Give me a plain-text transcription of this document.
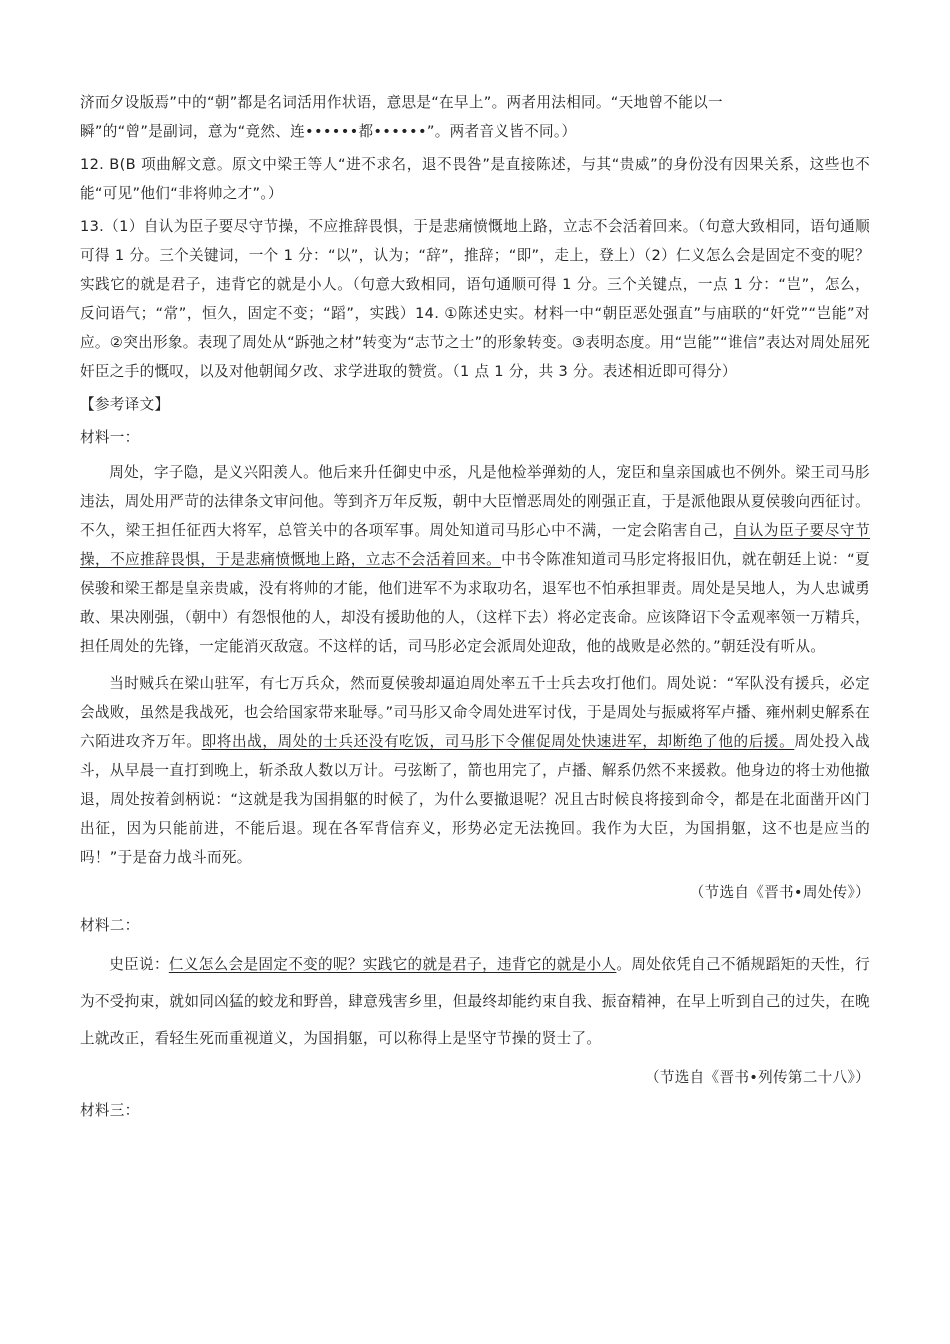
济而夕设版焉”中的“朝”都是名词活用作状语，意思是“在早上”。两者用法相同。“天地曾不能以一
瞬”的“曾”是副词，意为“竟然、连••••••都••••••”。两者音义皆不同。）

12. B(B 项曲解文意。原文中梁王等人“进不求名，退不畏咎”是直接陈述，与其“贵威”的身份没有因果关系，这些也不能“可见”他们“非将帅之才”。）

13.（1）自认为臣子要尽守节操，不应推辞畏惧，于是悲痛愤慨地上路，立志不会活着回来。（句意大致相同，语句通顺可得 1 分。三个关键词，一个 1 分：“以”，认为；“辞”，推辞；“即”，走上，登上）（2）仁义怎么会是固定不变的呢？实践它的就是君子，违背它的就是小人。（句意大致相同，语句通顺可得 1 分。三个关键点，一点 1 分：“岂”，怎么，反问语气；“常”，恒久，固定不变；“蹈”，实践）14. ①陈述史实。材料一中“朝臣恶处强直”与庙联的“奸党”“岂能”对应。②突出形象。表现了周处从“跅弛之材”转变为“志节之士”的形象转变。③表明态度。用“岂能”“谁信”表达对周处屈死奸臣之手的慨叹，以及对他朝闻夕改、求学进取的赞赏。（1 点 1 分，共 3 分。表述相近即可得分）

【参考译文】

材料一：

周处，字子隐，是义兴阳羡人。他后来升任御史中丞，凡是他检举弹劾的人，宠臣和皇亲国戚也不例外。梁王司马肜违法，周处用严苛的法律条文审问他。等到齐万年反叛，朝中大臣憎恶周处的刚强正直，于是派他跟从夏侯骏向西征讨。不久，梁王担任征西大将军，总管关中的各项军事。周处知道司马肜心中不满，一定会陷害自己，自认为臣子要尽守节操，不应推辞畏惧，于是悲痛愤慨地上路，立志不会活着回来。中书令陈准知道司马肜定将报旧仇，就在朝廷上说：“夏侯骏和梁王都是皇亲贵戚，没有将帅的才能，他们进军不为求取功名，退军也不怕承担罪责。周处是吴地人，为人忠诚勇敢、果决刚强，（朝中）有怨恨他的人，却没有援助他的人，（这样下去）将必定丧命。应该降诏下令孟观率领一万精兵，担任周处的先锋，一定能消灭敌寇。不这样的话，司马肜必定会派周处迎敌，他的战败是必然的。”朝廷没有听从。

当时贼兵在梁山驻军，有七万兵众，然而夏侯骏却逼迫周处率五千士兵去攻打他们。周处说：“军队没有援兵，必定会战败，虽然是我战死，也会给国家带来耻辱。”司马肜又命令周处进军讨伐，于是周处与振威将军卢播、雍州刺史解系在六陌进攻齐万年。即将出战，周处的士兵还没有吃饭，司马肜下令催促周处快速进军，却断绝了他的后援。周处投入战斗，从早晨一直打到晚上，斩杀敌人数以万计。弓弦断了，箭也用完了，卢播、解系仍然不来援救。他身边的将士劝他撤退，周处按着剑柄说：“这就是我为国捐躯的时候了，为什么要撤退呢？况且古时候良将接到命令，都是在北面凿开凶门出征，因为只能前进，不能后退。现在各军背信弃义，形势必定无法挽回。我作为大臣，为国捐躯，这不也是应当的吗！”于是奋力战斗而死。

（节选自《晋书•周处传》）

材料二：

史臣说：仁义怎么会是固定不变的呢？实践它的就是君子，违背它的就是小人。周处依凭自己不循规蹈矩的天性，行为不受拘束，就如同凶猛的蛟龙和野兽，肆意残害乡里，但最终却能约束自我、振奋精神，在早上听到自己的过失，在晚上就改正，看轻生死而重视道义，为国捐躯，可以称得上是坚守节操的贤士了。

（节选自《晋书•列传第二十八》）

材料三：
